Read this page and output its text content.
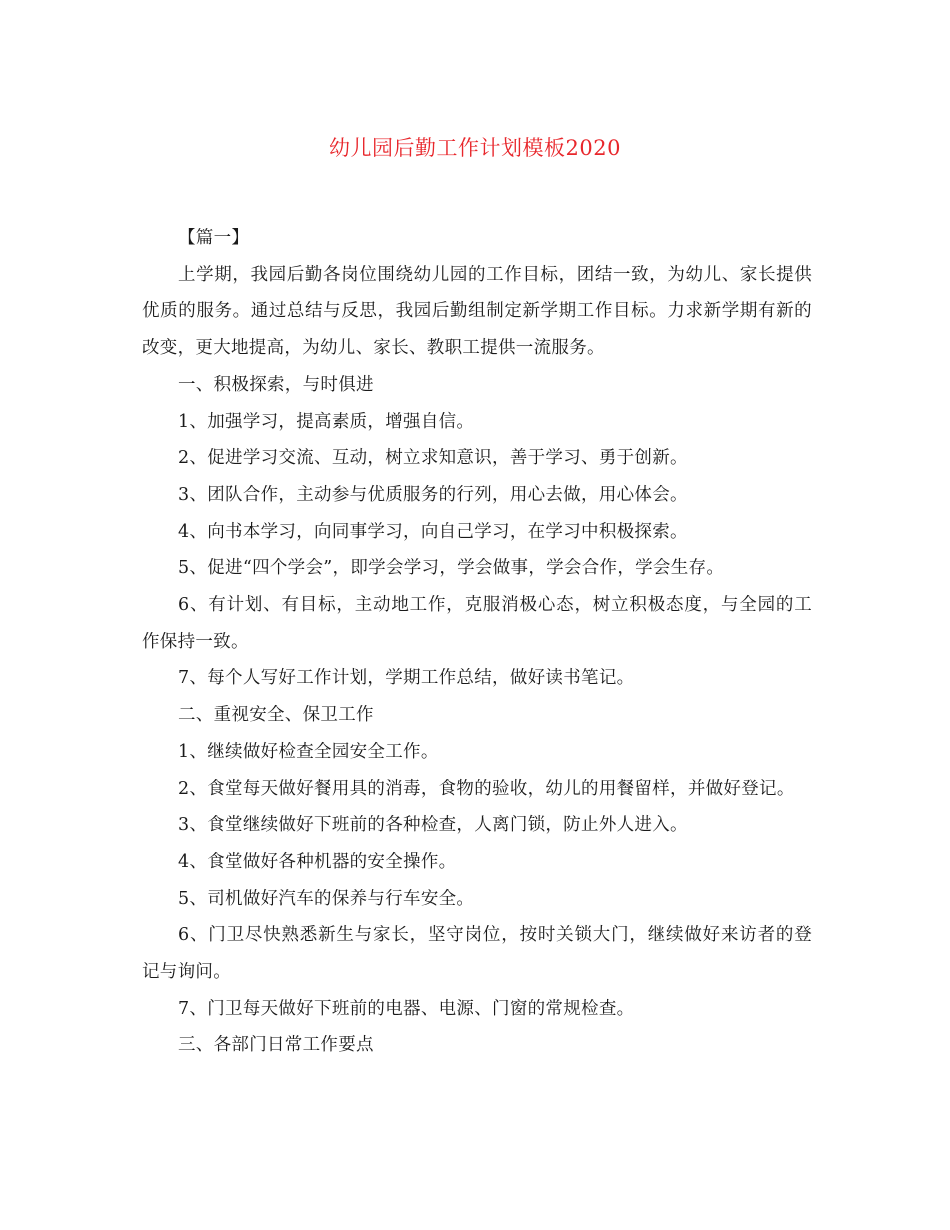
幼儿园后勤工作计划模板2020

【篇一】

上学期，我园后勤各岗位围绕幼儿园的工作目标，团结一致，为幼儿、家长提供优质的服务。通过总结与反思，我园后勤组制定新学期工作目标。力求新学期有新的改变，更大地提高，为幼儿、家长、教职工提供一流服务。

一、积极探索，与时俱进

1、加强学习，提高素质，增强自信。

2、促进学习交流、互动，树立求知意识，善于学习、勇于创新。

3、团队合作，主动参与优质服务的行列，用心去做，用心体会。

4、向书本学习，向同事学习，向自己学习，在学习中积极探索。

5、促进“四个学会”，即学会学习，学会做事，学会合作，学会生存。

6、有计划、有目标，主动地工作，克服消极心态，树立积极态度，与全园的工作保持一致。

7、每个人写好工作计划，学期工作总结，做好读书笔记。

二、重视安全、保卫工作

1、继续做好检查全园安全工作。

2、食堂每天做好餐用具的消毒，食物的验收，幼儿的用餐留样，并做好登记。

3、食堂继续做好下班前的各种检查，人离门锁，防止外人进入。

4、食堂做好各种机器的安全操作。

5、司机做好汽车的保养与行车安全。

6、门卫尽快熟悉新生与家长，坚守岗位，按时关锁大门，继续做好来访者的登记与询问。

7、门卫每天做好下班前的电器、电源、门窗的常规检查。

三、各部门日常工作要点
